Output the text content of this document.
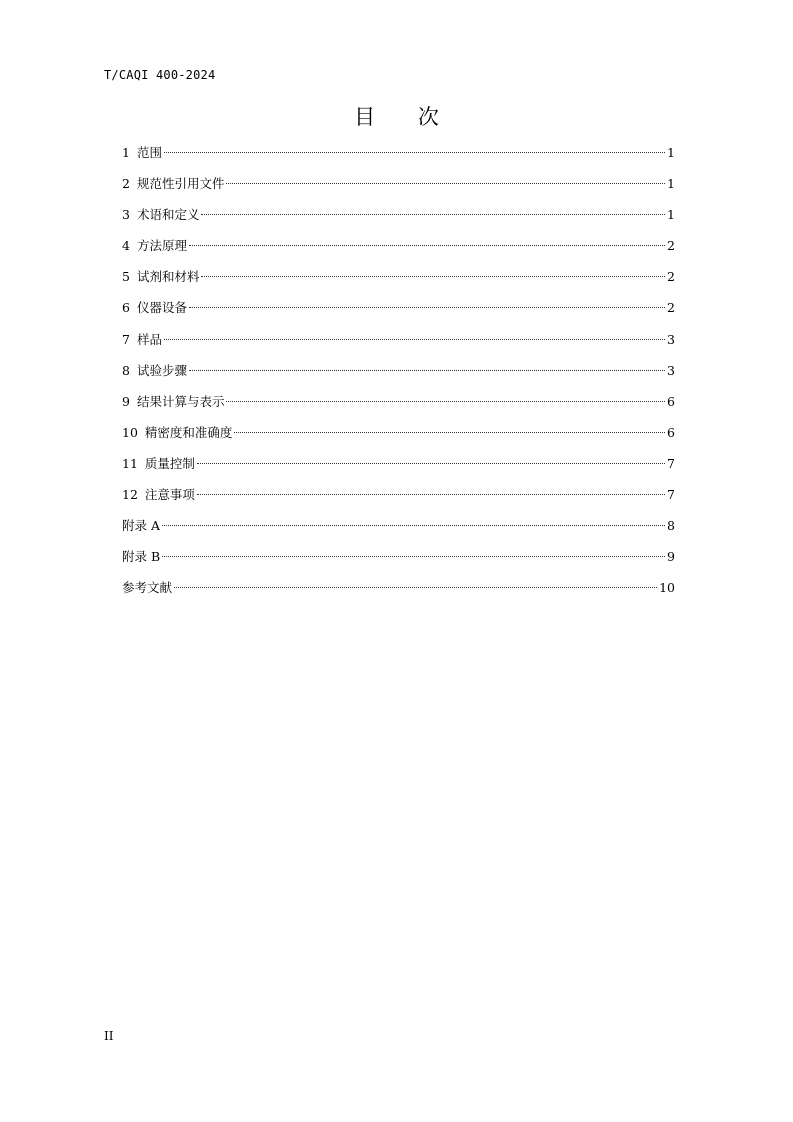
T/CAQI 400-2024
目 次
1 范围	1
2 规范性引用文件	1
3 术语和定义	1
4 方法原理	2
5 试剂和材料	2
6 仪器设备	2
7 样品	3
8 试验步骤	3
9 结果计算与表示	6
10 精密度和准确度	6
11 质量控制	7
12 注意事项	7
附录 A	8
附录 B	9
参考文献	10
II
